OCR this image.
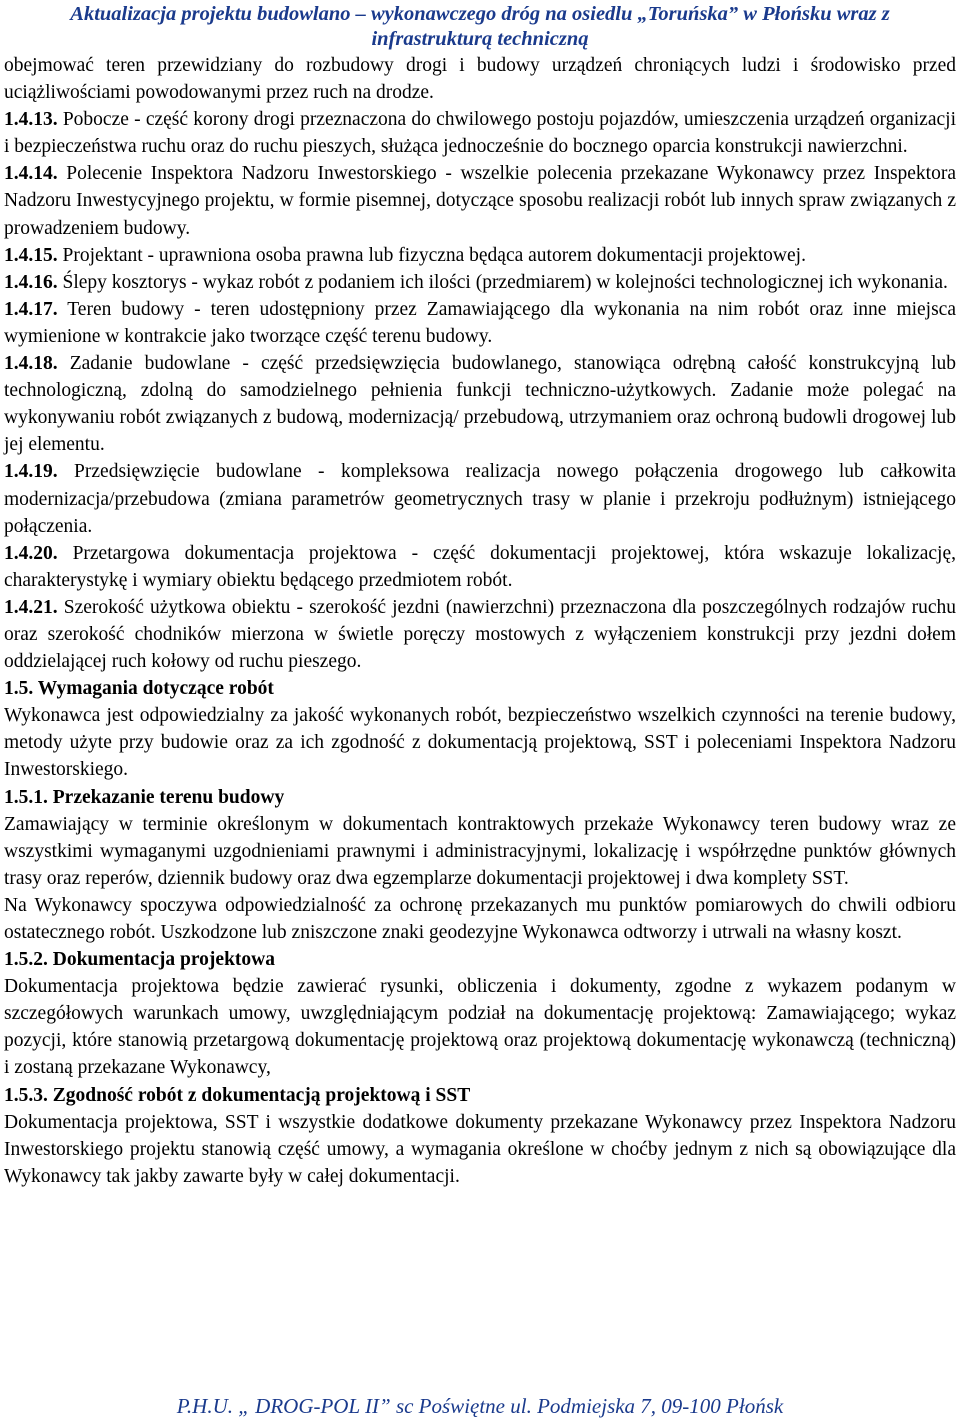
Aktualizacja projektu budowlano – wykonawczego dróg na osiedlu „Toruńska” w Płońsku wraz z
infrastrukturą techniczną

obejmować teren przewidziany do rozbudowy drogi i budowy urządzeń chroniących ludzi i środowisko przed uciążliwościami powodowanymi przez ruch na drodze.

1.4.13. Pobocze - część korony drogi przeznaczona do chwilowego postoju pojazdów, umieszczenia urządzeń organizacji i bezpieczeństwa ruchu oraz do ruchu pieszych, służąca jednocześnie do bocznego oparcia konstrukcji nawierzchni.

1.4.14. Polecenie Inspektora Nadzoru Inwestorskiego - wszelkie polecenia przekazane Wykonawcy przez Inspektora Nadzoru Inwestycyjnego projektu, w formie pisemnej, dotyczące sposobu realizacji robót lub innych spraw związanych z prowadzeniem budowy.

1.4.15. Projektant - uprawniona osoba prawna lub fizyczna będąca autorem dokumentacji projektowej.

1.4.16. Ślepy kosztorys - wykaz robót z podaniem ich ilości (przedmiarem) w kolejności technologicznej ich wykonania.

1.4.17. Teren budowy - teren udostępniony przez Zamawiającego dla wykonania na nim robót oraz inne miejsca wymienione w kontrakcie jako tworzące część terenu budowy.

1.4.18. Zadanie budowlane - część przedsięwzięcia budowlanego, stanowiąca odrębną całość konstrukcyjną lub technologiczną, zdolną do samodzielnego pełnienia funkcji techniczno-użytkowych. Zadanie może polegać na wykonywaniu robót związanych z budową, modernizacją/ przebudową, utrzymaniem oraz ochroną budowli drogowej lub jej elementu.

1.4.19. Przedsięwzięcie budowlane - kompleksowa realizacja nowego połączenia drogowego lub całkowita modernizacja/przebudowa (zmiana parametrów geometrycznych trasy w planie i przekroju podłużnym) istniejącego połączenia.

1.4.20. Przetargowa dokumentacja projektowa - część dokumentacji projektowej, która wskazuje lokalizację, charakterystykę i wymiary obiektu będącego przedmiotem robót.

1.4.21. Szerokość użytkowa obiektu - szerokość jezdni (nawierzchni) przeznaczona dla poszczególnych rodzajów ruchu oraz szerokość chodników mierzona w świetle poręczy mostowych z wyłączeniem konstrukcji przy jezdni dołem oddzielającej ruch kołowy od ruchu pieszego.

1.5. Wymagania dotyczące robót

Wykonawca jest odpowiedzialny za jakość wykonanych robót, bezpieczeństwo wszelkich czynności na terenie budowy, metody użyte przy budowie oraz za ich zgodność z dokumentacją projektową, SST i poleceniami Inspektora Nadzoru Inwestorskiego.

1.5.1. Przekazanie terenu budowy

Zamawiający w terminie określonym w dokumentach kontraktowych przekaże Wykonawcy teren budowy wraz ze wszystkimi wymaganymi uzgodnieniami prawnymi i administracyjnymi, lokalizację i współrzędne punktów głównych trasy oraz reperów, dziennik budowy oraz dwa egzemplarze dokumentacji projektowej i dwa komplety SST.

Na Wykonawcy spoczywa odpowiedzialność za ochronę przekazanych mu punktów pomiarowych do chwili odbioru ostatecznego robót. Uszkodzone lub zniszczone znaki geodezyjne Wykonawca odtworzy i utrwali na własny koszt.

1.5.2. Dokumentacja projektowa

Dokumentacja projektowa będzie zawierać rysunki, obliczenia i dokumenty, zgodne z wykazem podanym w szczegółowych warunkach umowy, uwzględniającym podział na dokumentację projektową: Zamawiającego; wykaz pozycji, które stanowią przetargową dokumentację projektową oraz projektową dokumentację wykonawczą (techniczną) i zostaną przekazane Wykonawcy,

1.5.3. Zgodność robót z dokumentacją projektową i SST

Dokumentacja projektowa, SST i wszystkie dodatkowe dokumenty przekazane Wykonawcy przez Inspektora Nadzoru Inwestorskiego projektu stanowią część umowy, a wymagania określone w choćby jednym z nich są obowiązujące dla Wykonawcy tak jakby zawarte były w całej dokumentacji.

P.H.U. „ DROG-POL II” sc Poświętne ul. Podmiejska 7, 09-100 Płońsk
